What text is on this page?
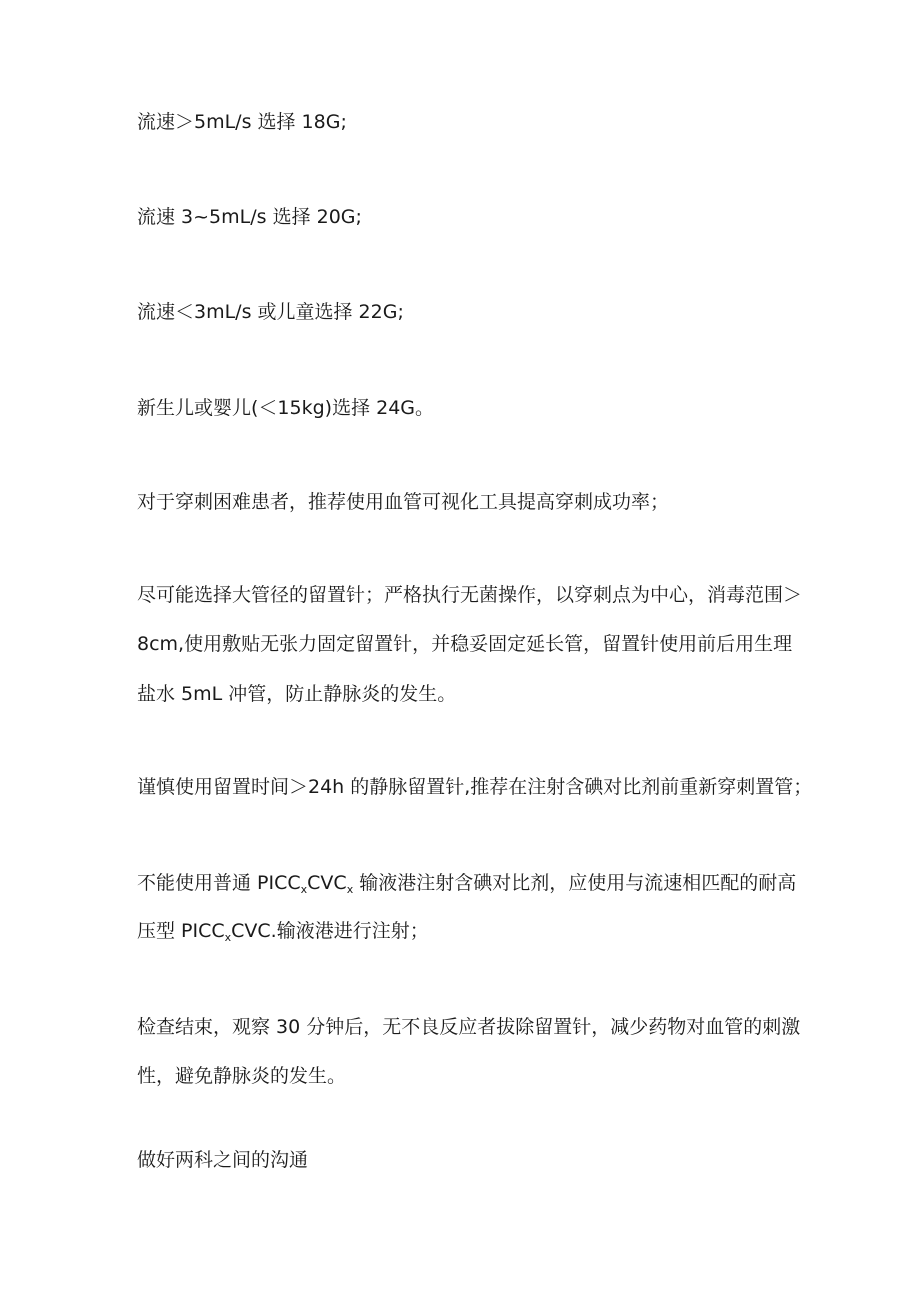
流速＞5mL/s 选择 18G;

流速 3~5mL/s 选择 20G;

流速＜3mL/s 或儿童选择 22G;

新生儿或婴儿(＜15kg)选择 24G。

对于穿刺困难患者，推荐使用血管可视化工具提高穿刺成功率；

尽可能选择大管径的留置针；严格执行无菌操作，以穿刺点为中心，消毒范围＞

8cm,使用敷贴无张力固定留置针，并稳妥固定延长管，留置针使用前后用生理

盐水 5mL 冲管，防止静脉炎的发生。

谨慎使用留置时间＞24h 的静脉留置针,推荐在注射含碘对比剂前重新穿刺置管；

不能使用普通 $PICC_xCVC_x$ 输液港注射含碘对比剂，应使用与流速相匹配的耐高

压型 $PICC_xCVC$.输液港进行注射；

检查结束，观察 30 分钟后，无不良反应者拔除留置针，减少药物对血管的刺激

性，避免静脉炎的发生。

做好两科之间的沟通
